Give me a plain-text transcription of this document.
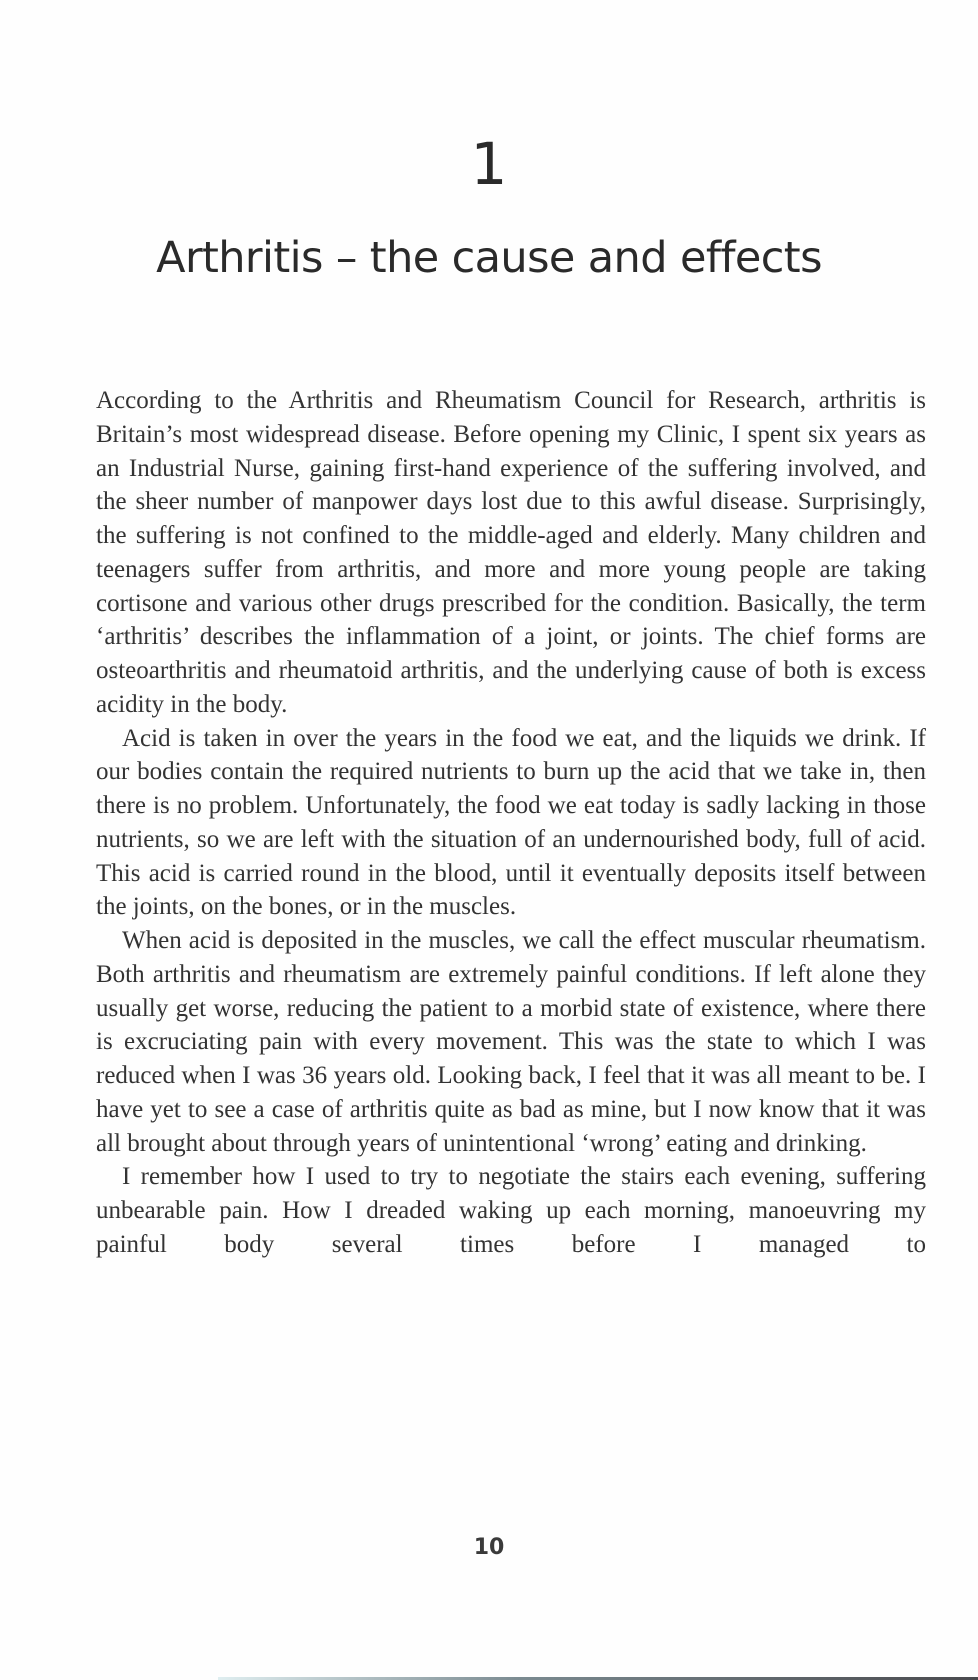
1
Arthritis – the cause and effects

According to the Arthritis and Rheumatism Council for Research, arthritis is Britain’s most widespread disease. Before opening my Clinic, I spent six years as an Industrial Nurse, gaining first-hand experience of the suffering involved, and the sheer number of manpower days lost due to this awful disease. Surprisingly, the suffering is not confined to the middle-aged and elderly. Many children and teenagers suffer from arthritis, and more and more young people are taking cortisone and various other drugs prescribed for the condition. Basically, the term ‘arthritis’ describes the inflammation of a joint, or joints. The chief forms are osteoarthritis and rheumatoid arthritis, and the underlying cause of both is excess acidity in the body.

Acid is taken in over the years in the food we eat, and the liquids we drink. If our bodies contain the required nutrients to burn up the acid that we take in, then there is no problem. Unfortunately, the food we eat today is sadly lacking in those nutrients, so we are left with the situation of an undernourished body, full of acid. This acid is carried round in the blood, until it eventually deposits itself between the joints, on the bones, or in the muscles.

When acid is deposited in the muscles, we call the effect muscular rheumatism. Both arthritis and rheumatism are extremely painful conditions. If left alone they usually get worse, reducing the patient to a morbid state of existence, where there is excruciating pain with every movement. This was the state to which I was reduced when I was 36 years old. Looking back, I feel that it was all meant to be. I have yet to see a case of arthritis quite as bad as mine, but I now know that it was all brought about through years of unintentional ‘wrong’ eating and drinking.

I remember how I used to try to negotiate the stairs each evening, suffering unbearable pain. How I dreaded waking up each morning, manoeuvring my painful body several times before I managed to

10
